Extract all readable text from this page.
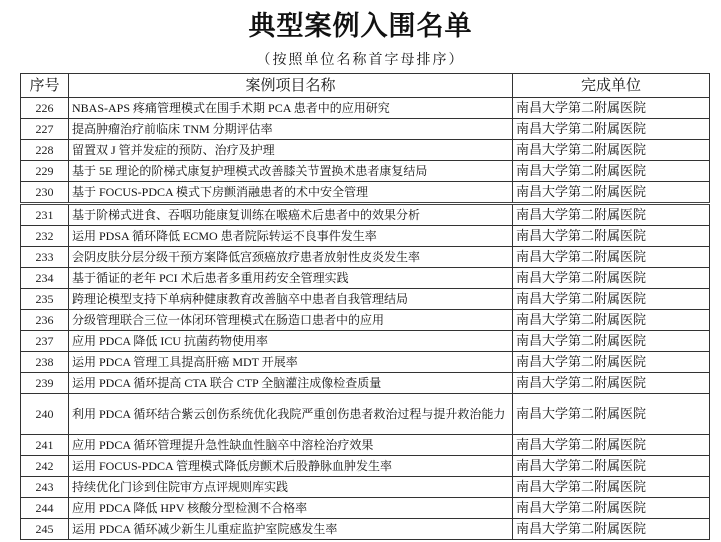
典型案例入围名单
（按照单位名称首字母排序）
序号	案例项目名称	完成单位
226	NBAS-APS 疼痛管理模式在围手术期 PCA 患者中的应用研究	南昌大学第二附属医院
227	提高肿瘤治疗前临床 TNM 分期评估率	南昌大学第二附属医院
228	留置双 J 管并发症的预防、治疗及护理	南昌大学第二附属医院
229	基于 5E 理论的阶梯式康复护理模式改善膝关节置换术患者康复结局	南昌大学第二附属医院
230	基于 FOCUS-PDCA 模式下房颤消融患者的术中安全管理	南昌大学第二附属医院
231	基于阶梯式进食、吞咽功能康复训练在喉癌术后患者中的效果分析	南昌大学第二附属医院
232	运用 PDSA 循环降低 ECMO 患者院际转运不良事件发生率	南昌大学第二附属医院
233	会阴皮肤分层分级干预方案降低宫颈癌放疗患者放射性皮炎发生率	南昌大学第二附属医院
234	基于循证的老年 PCI 术后患者多重用药安全管理实践	南昌大学第二附属医院
235	跨理论模型支持下单病种健康教育改善脑卒中患者自我管理结局	南昌大学第二附属医院
236	分级管理联合三位一体闭环管理模式在肠造口患者中的应用	南昌大学第二附属医院
237	应用 PDCA 降低 ICU 抗菌药物使用率	南昌大学第二附属医院
238	运用 PDCA 管理工具提高肝癌 MDT 开展率	南昌大学第二附属医院
239	运用 PDCA 循环提高 CTA 联合 CTP 全脑灌注成像检查质量	南昌大学第二附属医院
240	利用 PDCA 循环结合紫云创伤系统优化我院严重创伤患者救治过程与提升救治能力	南昌大学第二附属医院
241	应用 PDCA 循环管理提升急性缺血性脑卒中溶栓治疗效果	南昌大学第二附属医院
242	运用 FOCUS-PDCA 管理模式降低房颤术后股静脉血肿发生率	南昌大学第二附属医院
243	持续优化门诊到住院审方点评规则库实践	南昌大学第二附属医院
244	应用 PDCA 降低 HPV 核酸分型检测不合格率	南昌大学第二附属医院
245	运用 PDCA 循环减少新生儿重症监护室院感发生率	南昌大学第二附属医院
